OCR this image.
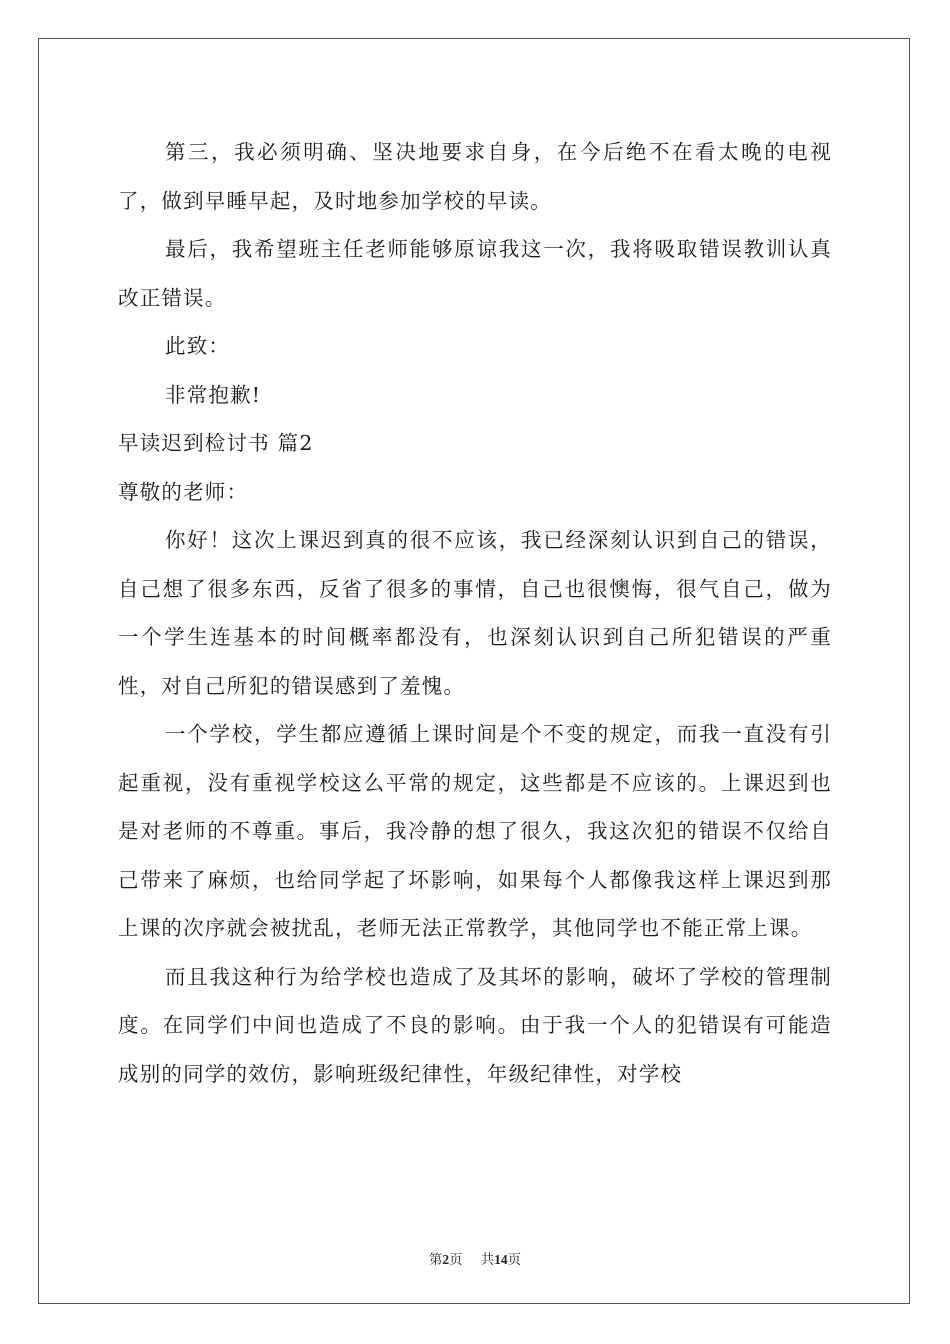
第三，我必须明确、坚决地要求自身，在今后绝不在看太晚的电视了，做到早睡早起，及时地参加学校的早读。

最后，我希望班主任老师能够原谅我这一次，我将吸取错误教训认真改正错误。

此致：

非常抱歉!

早读迟到检讨书 篇2

尊敬的老师：

你好！这次上课迟到真的很不应该，我已经深刻认识到自己的错误，自己想了很多东西，反省了很多的事情，自己也很懊悔，很气自己，做为一个学生连基本的时间概率都没有，也深刻认识到自己所犯错误的严重性，对自己所犯的错误感到了羞愧。

一个学校，学生都应遵循上课时间是个不变的规定，而我一直没有引起重视，没有重视学校这么平常的规定，这些都是不应该的。上课迟到也是对老师的不尊重。事后，我冷静的想了很久，我这次犯的错误不仅给自己带来了麻烦，也给同学起了坏影响，如果每个人都像我这样上课迟到那上课的次序就会被扰乱，老师无法正常教学，其他同学也不能正常上课。

而且我这种行为给学校也造成了及其坏的影响，破坏了学校的管理制度。在同学们中间也造成了不良的影响。由于我一个人的犯错误有可能造成别的同学的效仿，影响班级纪律性，年级纪律性，对学校

第2页 共14页
